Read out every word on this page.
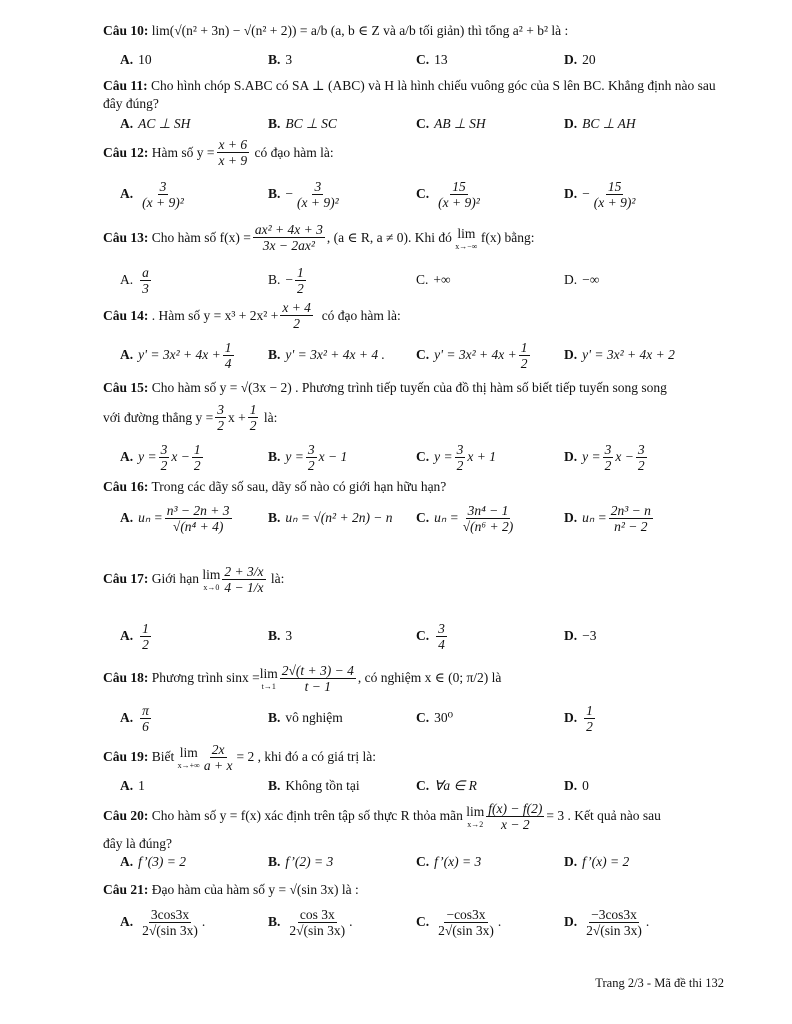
Câu 10: lim(√(n² + 3n) − √(n² + 2)) = a/b (a, b ∈ Z và a/b tối giản) thì tổng a² + b² là :
A. 10	B. 3	C. 13	D. 20
Câu 11: Cho hình chóp S.ABC có SA ⊥ (ABC) và H là hình chiếu vuông góc của S lên BC. Khẳng định nào sau đây đúng?
A. AC ⊥ SH	B. BC ⊥ SC	C. AB ⊥ SH	D. BC ⊥ AH
Câu 12:
Hàm số $y = \frac{x + 6}{x + 9}$
có đạo hàm là:
A. $\frac{3}{\text{(x + 9)²}}$	B. − $\frac{3}{\text{(x + 9)²}}$	C. $\frac{15}{\text{(x + 9)²}}$	D. − $\frac{15}{\text{(x + 9)²}}$
Câu 13:
Cho hàm số $f(x) = \frac{\text{ax² + 4x + 3}}{\text{3x − 2ax²}}$ , (a ∈ R, a ≠ 0). Khi đó
lim
x→−∞

f(x) bằng:
A. $\frac{a}{3}$	B. − $\frac{1}{2}$	C. +∞	D. −∞
Câu 14:
. Hàm số $y = x^3 + 2x^2 + \frac{x + 4}{2}$
có đạo hàm là:
A. $y' = 3x^2 + 4x + \frac{1}{4}$	B. y' = 3x² + 4x + 4 . C. $y' = 3x^2 + 4x + \frac{1}{2}$	D. y' = 3x² + 4x + 2
Câu 15: Cho hàm số y = √(3x − 2) . Phương trình tiếp tuyến của đồ thị hàm số biết tiếp tuyến song song
với đường thẳng $y = \frac{3}{2}$ $x + \frac{1}{2}$
là:
A. $y = \frac{3}{2}$ $x - \frac{1}{2}$	B. $y = \frac{3}{2}$ x − 1	C. $y = \frac{3}{2}$ x + 1	D. $y = \frac{3}{2}$ $x - \frac{3}{2}$
Câu 16: Trong các dãy số sau, dãy số nào có giới hạn hữu hạn?
A. $u_n = \frac{\text{n³ − 2n + 3}}{\text{√(n⁴ + 4)}}$	B. uₙ = √(n² + 2n) − n C. $u_n = \frac{\text{3n⁴ − 1}}{\text{√(n⁶ + 2)}}$	D. $u_n = \frac{\text{2n³ − n}}{\text{n² − 2}}$
Câu 17:
Giới hạn
lim
$x\to 0 \frac{2 + 3/x}{4 - 1/x}$
là:
A. $\frac{1}{2}$	B. 3	C. $\frac{3}{4}$	D. −3
Câu 18:
Phương trình sinx = lim
$t\to 1 \frac{2√(t + 3) - 4}{t - 1}$ , có nghiệm x ∈ (0; π/2) là
A. $\frac{\pi}{6}$	B. vô nghiệm	C. 30⁰	D. $\frac{1}{2}$
Câu 19:
Biết
lim
$x\to+\infty \frac{2x}{a + x} = 2$ , khi đó a có giá trị là:
A. 1	B. Không tồn tại	C. ∀a ∈ R	D. 0
Câu 20:
Cho hàm số y = f(x) xác định trên tập số thực R thỏa mãn
lim
$x\to 2 \frac{f(x) - f(2)}{x - 2} = 3$ . Kết quả nào sau
đây là đúng?
A. f’(3) = 2	B. f’(2) = 3	C. f’(x) = 3	D. f’(x) = 2
Câu 21: Đạo hàm của hàm số y = √(sin 3x) là :
A. $\frac{3\cos 3x}{2√(\sin 3x)}$ .	B. $\frac{\cos 3x}{2√(\sin 3x)}$ .	C. $\frac{-\cos 3x}{2√(\sin 3x)}$ .	D. $\frac{-3\cos 3x}{2√(\sin 3x)}$ .
Trang 2/3 - Mã đề thi 132
